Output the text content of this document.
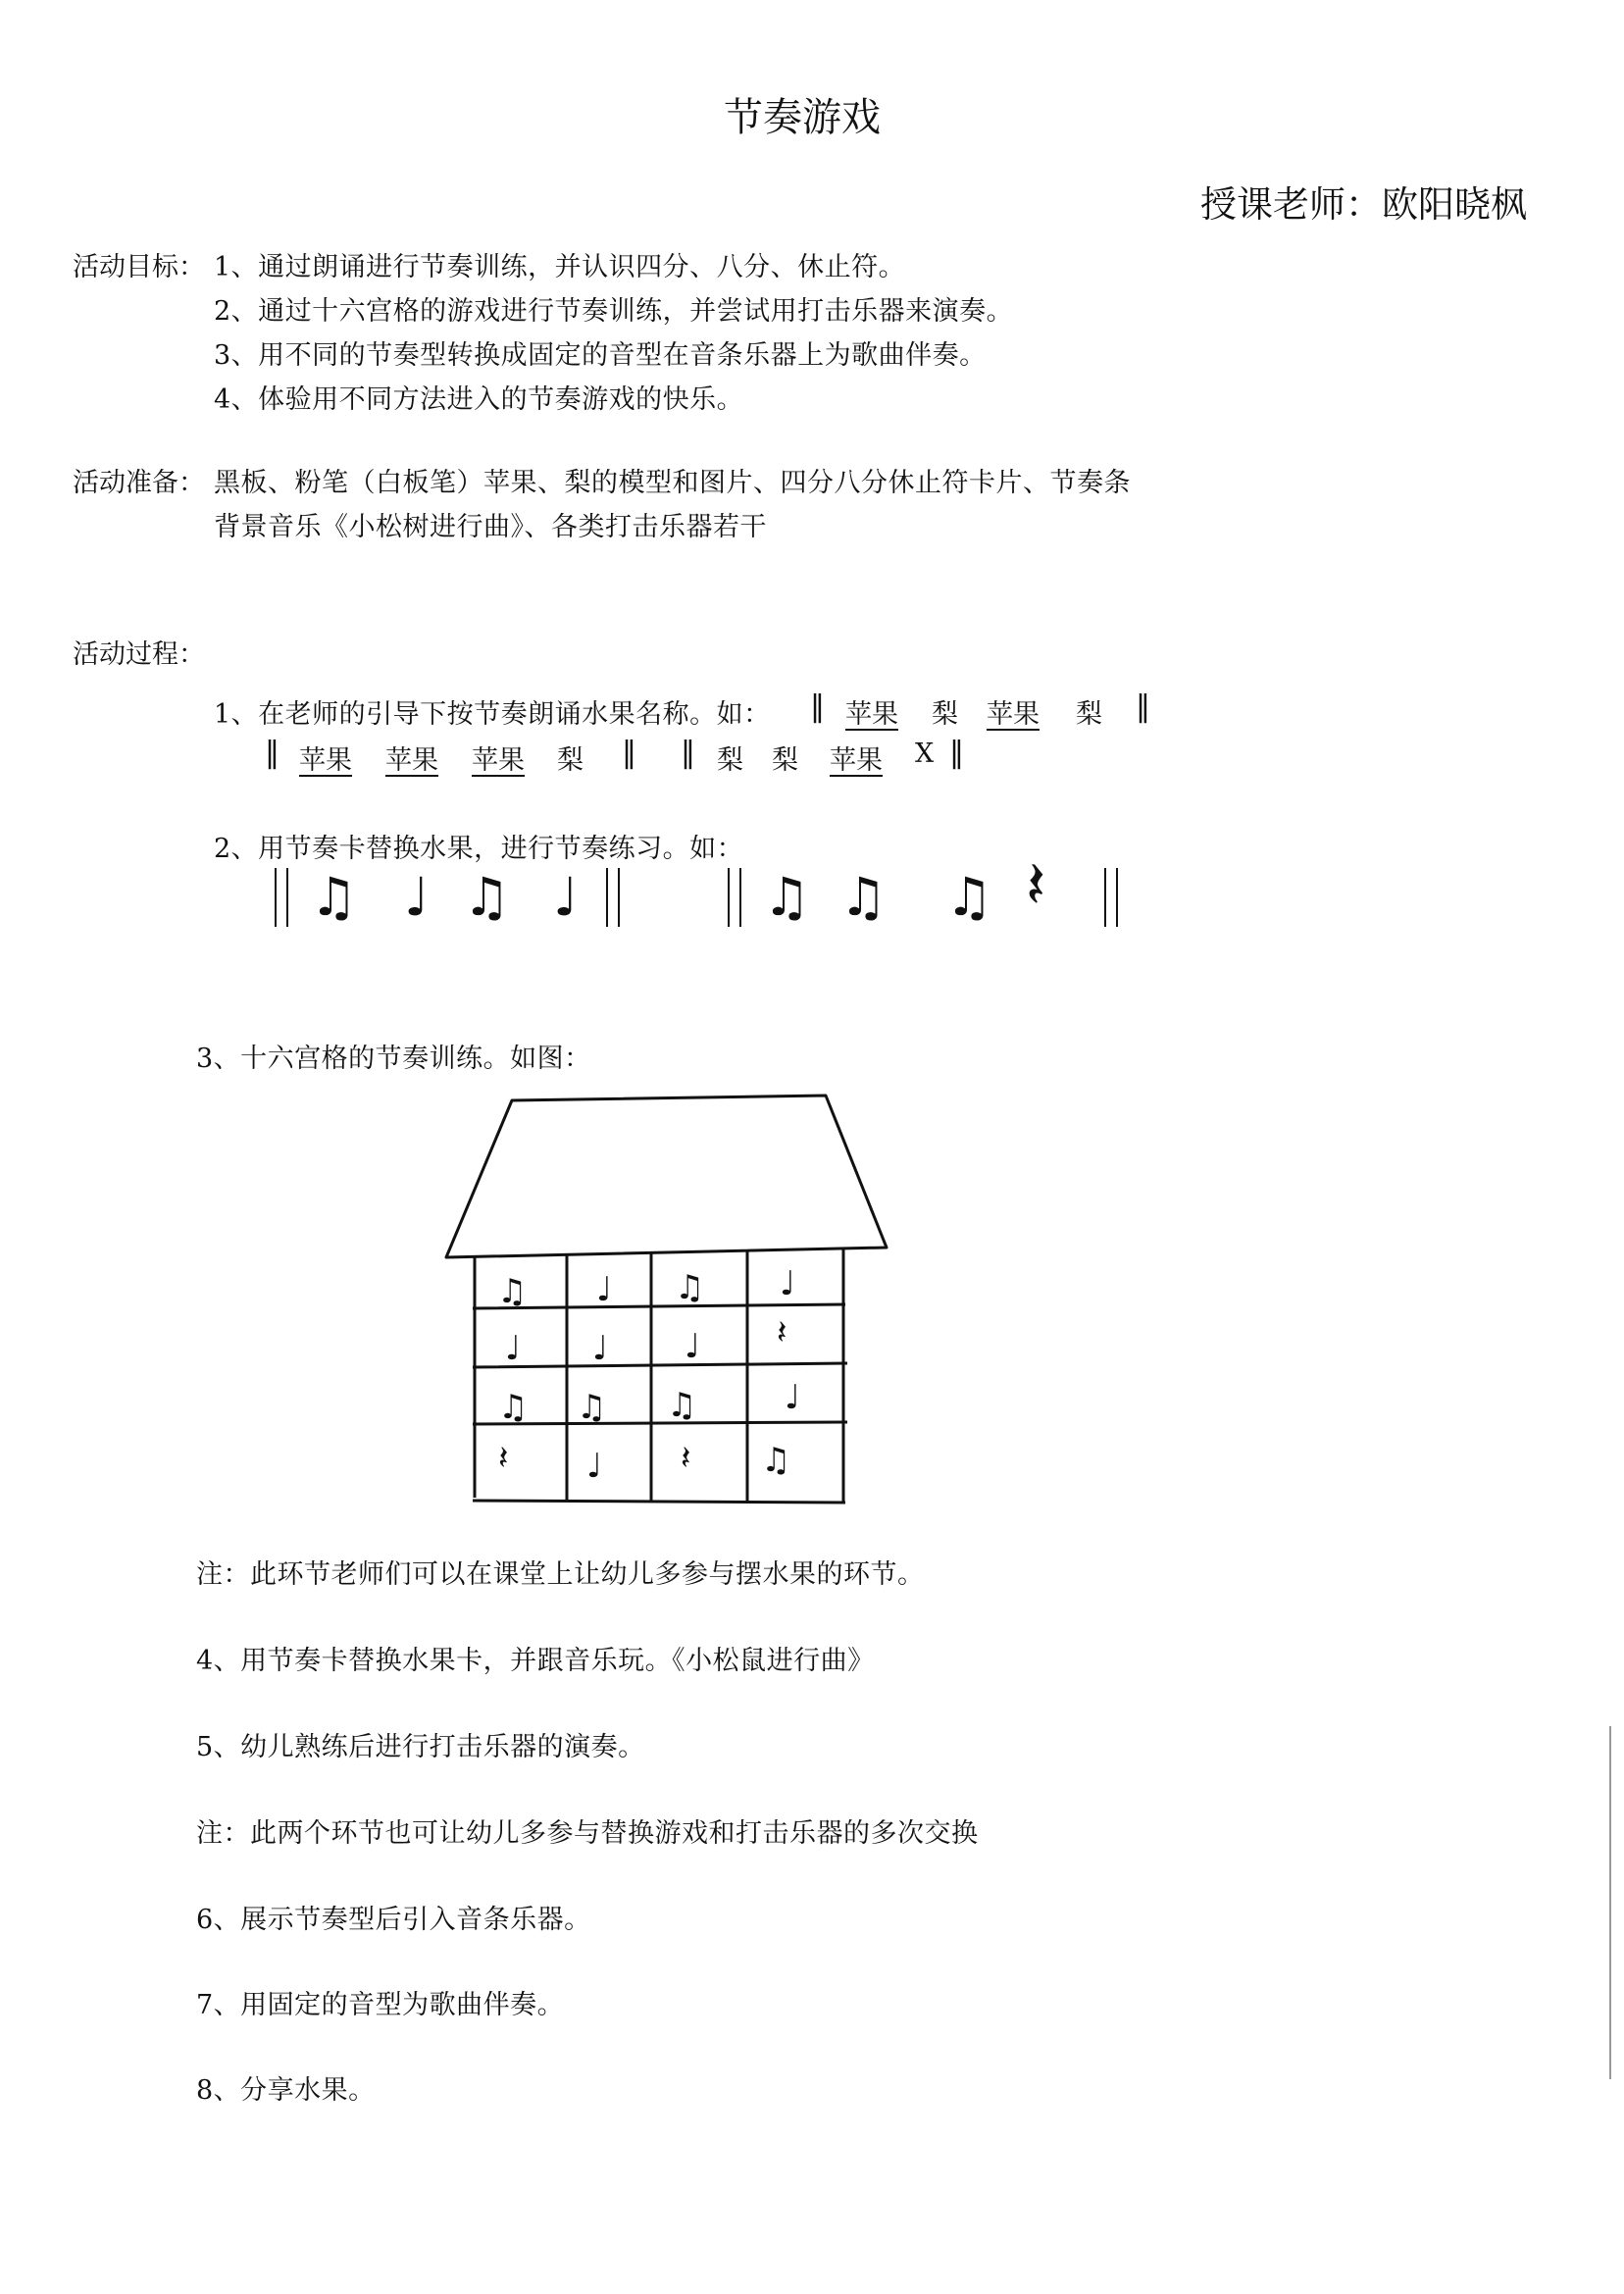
节奏游戏
授课老师：欧阳晓枫
活动目标： 1、通过朗诵进行节奏训练，并认识四分、八分、休止符。
2、通过十六宫格的游戏进行节奏训练，并尝试用打击乐器来演奏。
3、用不同的节奏型转换成固定的音型在音条乐器上为歌曲伴奏。
4、体验用不同方法进入的节奏游戏的快乐。
活动准备： 黑板、粉笔（白板笔）苹果、梨的模型和图片、四分八分休止符卡片、节奏条
背景音乐《小松树进行曲》、各类打击乐器若干
活动过程：
1、在老师的引导下按节奏朗诵水果名称。如： ‖ 苹果 梨 苹果 梨 ‖
‖ 苹果 苹果 苹果 梨 ‖ ‖ 梨 梨 苹果 X ‖
2、用节奏卡替换水果，进行节奏练习。如：
♫ ♩ ♫ ♩	♫ ♫ ♫ 𝄽
3、十六宫格的节奏训练。如图：
♫ ♩ ♫ ♩
♩ ♩ ♩ 𝄽
♫ ♫ ♫	♩
𝄽 ♩ 𝄽 ♫
注：此环节老师们可以在课堂上让幼儿多参与摆水果的环节。
4、用节奏卡替换水果卡，并跟音乐玩。《小松鼠进行曲》
5、幼儿熟练后进行打击乐器的演奏。
注：此两个环节也可让幼儿多参与替换游戏和打击乐器的多次交换
6、展示节奏型后引入音条乐器。
7、用固定的音型为歌曲伴奏。
8、分享水果。
